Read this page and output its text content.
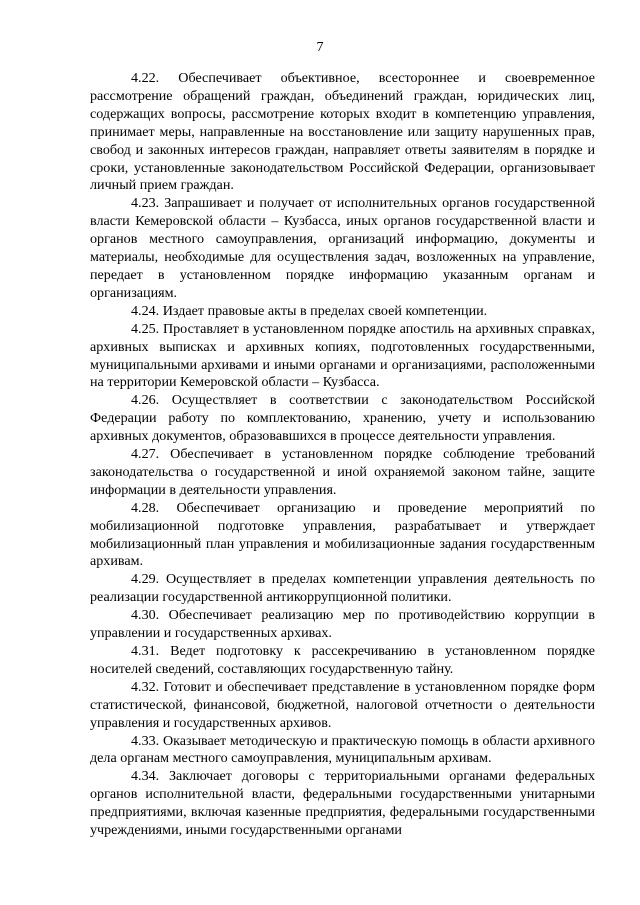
7

4.22. Обеспечивает объективное, всестороннее и своевременное рассмотрение обращений граждан, объединений граждан, юридических лиц, содержащих вопросы, рассмотрение которых входит в компетенцию управления, принимает меры, направленные на восстановление или защиту нарушенных прав, свобод и законных интересов граждан, направляет ответы заявителям в порядке и сроки, установленные законодательством Российской Федерации, организовывает личный прием граждан.

4.23. Запрашивает и получает от исполнительных органов государственной власти Кемеровской области – Кузбасса, иных органов государственной власти и органов местного самоуправления, организаций информацию, документы и материалы, необходимые для осуществления задач, возложенных на управление, передает в установленном порядке информацию указанным органам и организациям.

4.24. Издает правовые акты в пределах своей компетенции.

4.25. Проставляет в установленном порядке апостиль на архивных справках, архивных выписках и архивных копиях, подготовленных государственными, муниципальными архивами и иными органами и организациями, расположенными на территории Кемеровской области – Кузбасса.

4.26. Осуществляет в соответствии с законодательством Российской Федерации работу по комплектованию, хранению, учету и использованию архивных документов, образовавшихся в процессе деятельности управления.

4.27. Обеспечивает в установленном порядке соблюдение требований законодательства о государственной и иной охраняемой законом тайне, защите информации в деятельности управления.

4.28. Обеспечивает организацию и проведение мероприятий по мобилизационной подготовке управления, разрабатывает и утверждает мобилизационный план управления и мобилизационные задания государственным архивам.

4.29. Осуществляет в пределах компетенции управления деятельность по реализации государственной антикоррупционной политики.

4.30. Обеспечивает реализацию мер по противодействию коррупции в управлении и государственных архивах.

4.31. Ведет подготовку к рассекречиванию в установленном порядке носителей сведений, составляющих государственную тайну.

4.32. Готовит и обеспечивает представление в установленном порядке форм статистической, финансовой, бюджетной, налоговой отчетности о деятельности управления и государственных архивов.

4.33. Оказывает методическую и практическую помощь в области архивного дела органам местного самоуправления, муниципальным архивам.

4.34. Заключает договоры с территориальными органами федеральных органов исполнительной власти, федеральными государственными унитарными предприятиями, включая казенные предприятия, федеральными государственными учреждениями, иными государственными органами
